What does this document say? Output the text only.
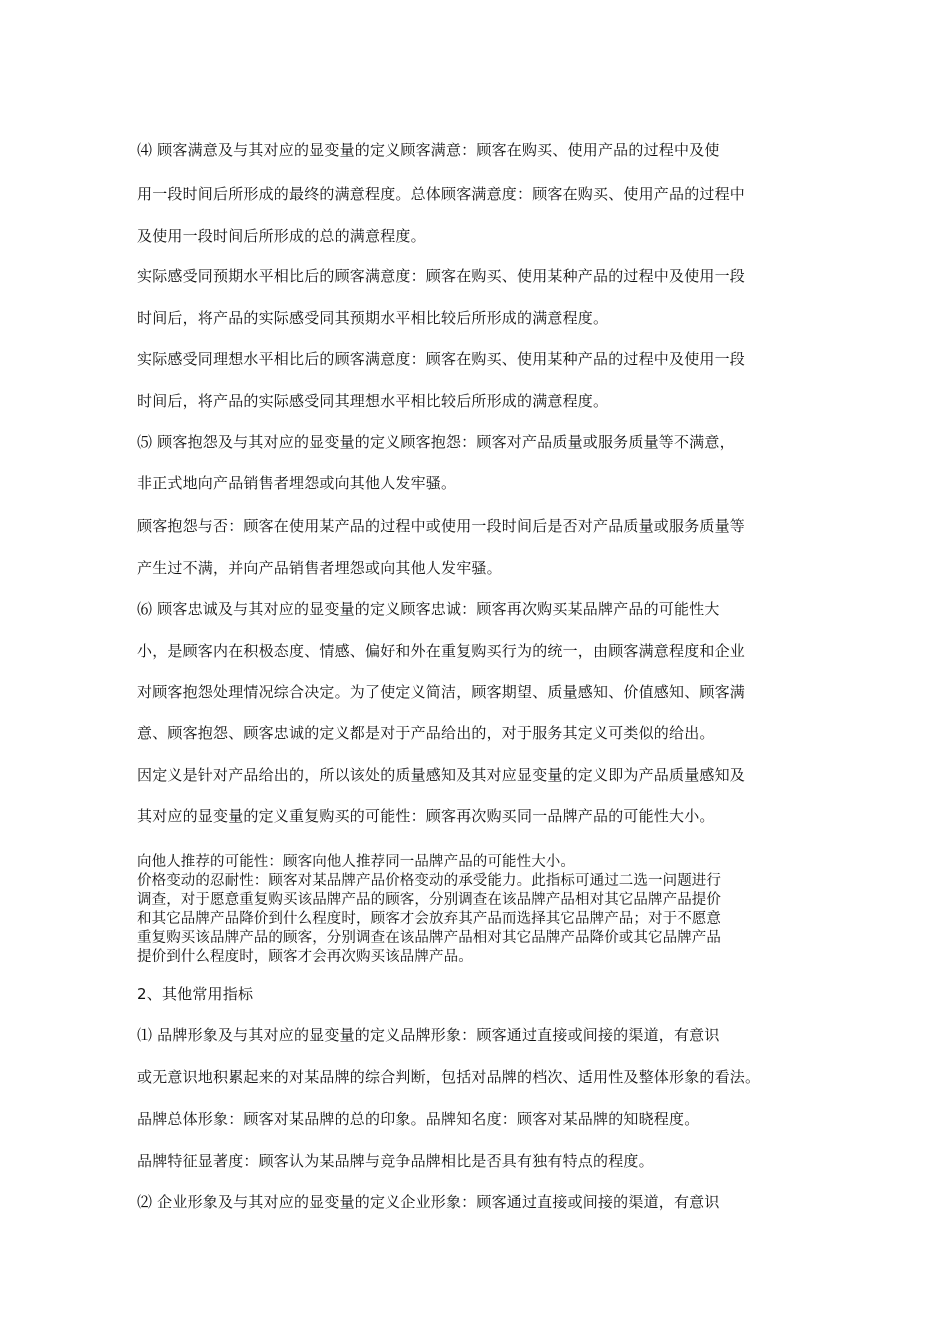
⑷ 顾客满意及与其对应的显变量的定义顾客满意：顾客在购买、使用产品的过程中及使
用一段时间后所形成的最终的满意程度。总体顾客满意度：顾客在购买、使用产品的过程中
及使用一段时间后所形成的总的满意程度。
实际感受同预期水平相比后的顾客满意度：顾客在购买、使用某种产品的过程中及使用一段
时间后，将产品的实际感受同其预期水平相比较后所形成的满意程度。
实际感受同理想水平相比后的顾客满意度：顾客在购买、使用某种产品的过程中及使用一段
时间后，将产品的实际感受同其理想水平相比较后所形成的满意程度。
⑸ 顾客抱怨及与其对应的显变量的定义顾客抱怨：顾客对产品质量或服务质量等不满意，
非正式地向产品销售者埋怨或向其他人发牢骚。
顾客抱怨与否：顾客在使用某产品的过程中或使用一段时间后是否对产品质量或服务质量等
产生过不满，并向产品销售者埋怨或向其他人发牢骚。
⑹ 顾客忠诚及与其对应的显变量的定义顾客忠诚：顾客再次购买某品牌产品的可能性大
小，是顾客内在积极态度、情感、偏好和外在重复购买行为的统一，由顾客满意程度和企业
对顾客抱怨处理情况综合决定。为了使定义简洁，顾客期望、质量感知、价值感知、顾客满
意、顾客抱怨、顾客忠诚的定义都是对于产品给出的，对于服务其定义可类似的给出。
因定义是针对产品给出的，所以该处的质量感知及其对应显变量的定义即为产品质量感知及
其对应的显变量的定义重复购买的可能性：顾客再次购买同一品牌产品的可能性大小。
向他人推荐的可能性：顾客向他人推荐同一品牌产品的可能性大小。
价格变动的忍耐性：顾客对某品牌产品价格变动的承受能力。此指标可通过二选一问题进行
调查，对于愿意重复购买该品牌产品的顾客，分别调查在该品牌产品相对其它品牌产品提价
和其它品牌产品降价到什么程度时，顾客才会放弃其产品而选择其它品牌产品；对于不愿意
重复购买该品牌产品的顾客，分别调查在该品牌产品相对其它品牌产品降价或其它品牌产品
提价到什么程度时，顾客才会再次购买该品牌产品。
2、其他常用指标
⑴ 品牌形象及与其对应的显变量的定义品牌形象：顾客通过直接或间接的渠道，有意识
或无意识地积累起来的对某品牌的综合判断，包括对品牌的档次、适用性及整体形象的看法。
品牌总体形象：顾客对某品牌的总的印象。品牌知名度：顾客对某品牌的知晓程度。
品牌特征显著度：顾客认为某品牌与竞争品牌相比是否具有独有特点的程度。
⑵ 企业形象及与其对应的显变量的定义企业形象：顾客通过直接或间接的渠道，有意识
